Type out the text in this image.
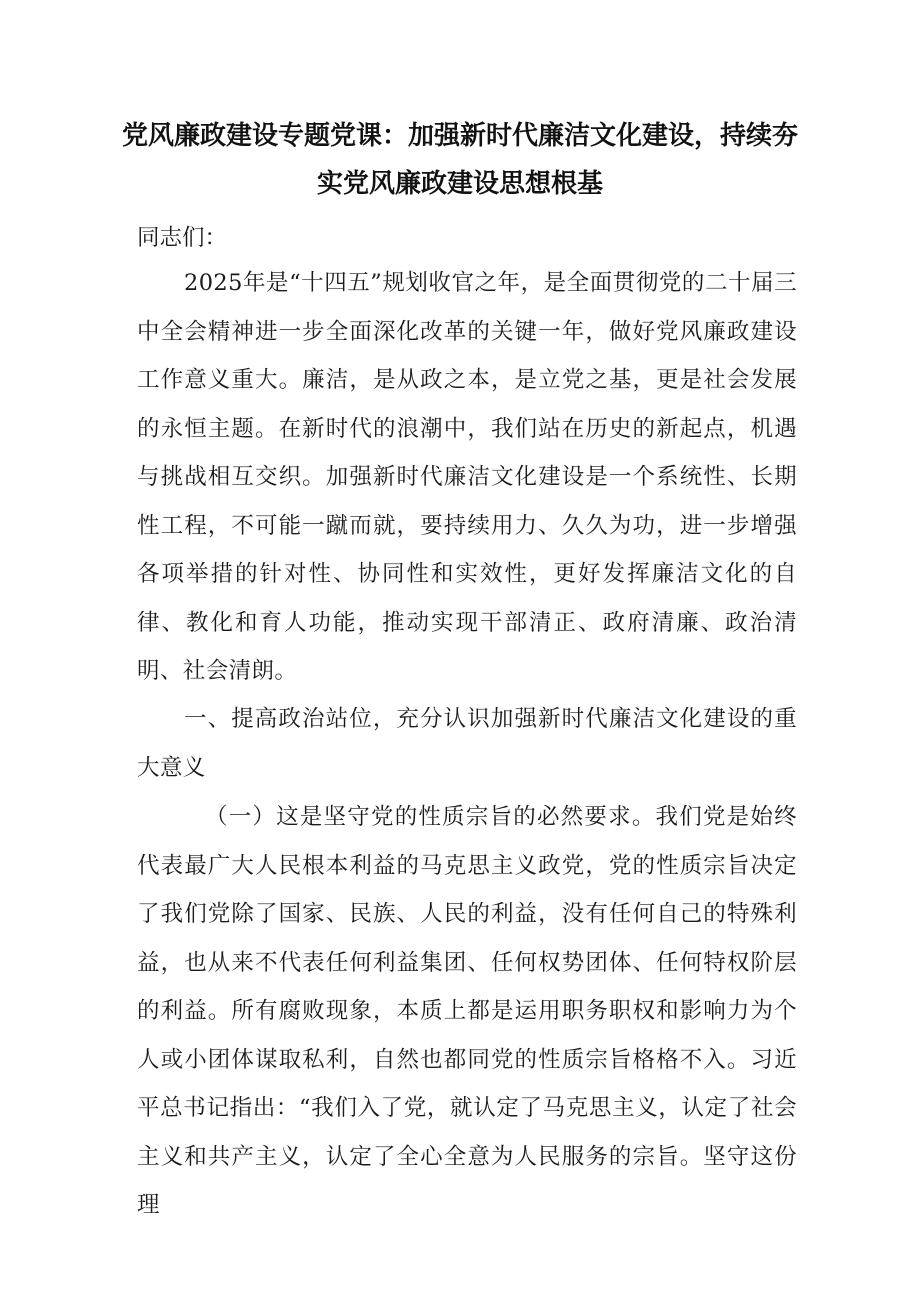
党风廉政建设专题党课：加强新时代廉洁文化建设，持续夯实党风廉政建设思想根基
同志们：
2025年是“十四五”规划收官之年，是全面贯彻党的二十届三中全会精神进一步全面深化改革的关键一年，做好党风廉政建设工作意义重大。廉洁，是从政之本，是立党之基，更是社会发展的永恒主题。在新时代的浪潮中，我们站在历史的新起点，机遇与挑战相互交织。加强新时代廉洁文化建设是一个系统性、长期性工程，不可能一蹴而就，要持续用力、久久为功，进一步增强各项举措的针对性、协同性和实效性，更好发挥廉洁文化的自律、教化和育人功能，推动实现干部清正、政府清廉、政治清明、社会清朗。
一、提高政治站位，充分认识加强新时代廉洁文化建设的重大意义
（一）这是坚守党的性质宗旨的必然要求。我们党是始终代表最广大人民根本利益的马克思主义政党，党的性质宗旨决定了我们党除了国家、民族、人民的利益，没有任何自己的特殊利益，也从来不代表任何利益集团、任何权势团体、任何特权阶层的利益。所有腐败现象，本质上都是运用职务职权和影响力为个人或小团体谋取私利，自然也都同党的性质宗旨格格不入。习近平总书记指出：“我们入了党，就认定了马克思主义，认定了社会主义和共产主义，认定了全心全意为人民服务的宗旨。坚守这份理
